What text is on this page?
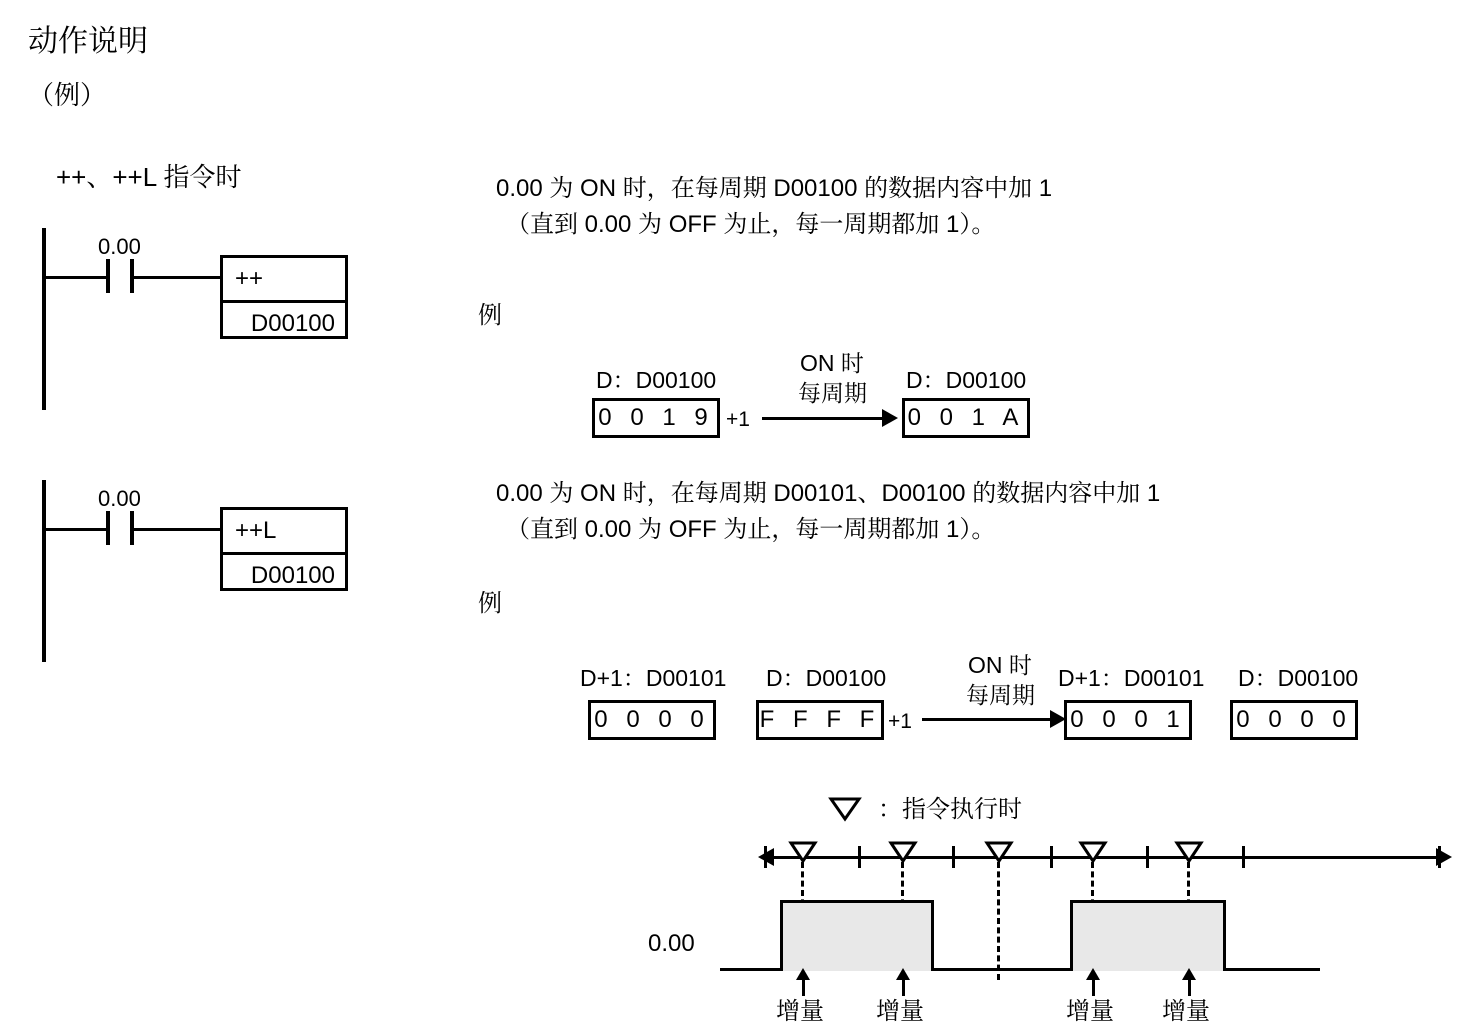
动作说明
（例）
++、++L 指令时
0.00
++
D00100
0.00
++L
D00100
0.00 为 ON 时，在每周期 D00100 的数据内容中加 1
（直到 0.00 为 OFF 为止，每一周期都加 1）。
例
D：D00100
0 0 1 9 +1
ON 时
每周期 D：D00100
0 0 1 A
0.00 为 ON 时，在每周期 D00101、D00100 的数据内容中加 1
（直到 0.00 为 OFF 为止，每一周期都加 1）。
例
D+1：D00101
0 0 0 0
D：D00100
F F F F +1
ON 时
每周期
D+1：D00101
0 0 0 1
D：D00100
0 0 0 0
：指令执行时
0.00
增量 增量	增量 增量
